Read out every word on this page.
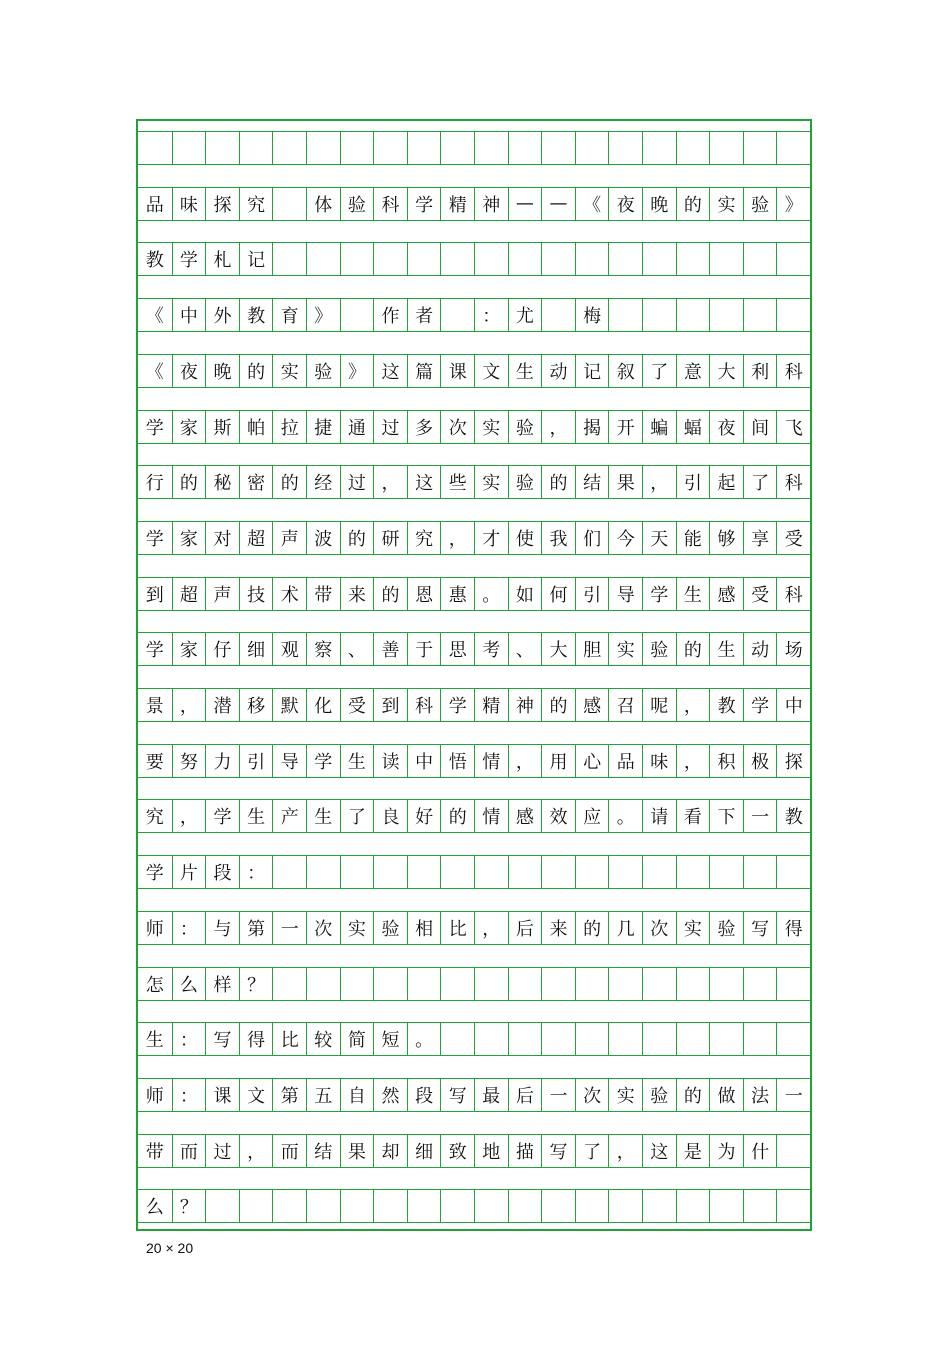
品 味 探 究	体 验 科 学 精 神 — — 《 夜 晚 的 实 验 》
教 学 札 记
《 中 外 教 育 》	作 者	： 尤	梅
《 夜 晚 的 实 验 》 这 篇 课 文 生 动 记 叙 了 意 大 利 科
学 家 斯 帕 拉 捷 通 过 多 次 实 验 ， 揭 开 蝙 蝠 夜 间 飞
行 的 秘 密 的 经 过 ， 这 些 实 验 的 结 果 ， 引 起 了 科
学 家 对 超 声 波 的 研 究 ， 才 使 我 们 今 天 能 够 享 受
到 超 声 技 术 带 来 的 恩 惠 。 如 何 引 导 学 生 感 受 科
学 家 仔 细 观 察 、 善 于 思 考 、 大 胆 实 验 的 生 动 场
景 ， 潜 移 默 化 受 到 科 学 精 神 的 感 召 呢 ， 教 学 中
要 努 力 引 导 学 生 读 中 悟 情 ， 用 心 品 味 ， 积 极 探
究 ， 学 生 产 生 了 良 好 的 情 感 效 应 。 请 看 下 一 教
学 片 段 ：
师 ： 与 第 一 次 实 验 相 比 ， 后 来 的 几 次 实 验 写 得
怎 么 样 ？
生 ： 写 得 比 较 简 短 。
师 ： 课 文 第 五 自 然 段 写 最 后 一 次 实 验 的 做 法 一
带 而 过 ， 而 结 果 却 细 致 地 描 写 了 ， 这 是 为 什
么 ？
20 × 20
